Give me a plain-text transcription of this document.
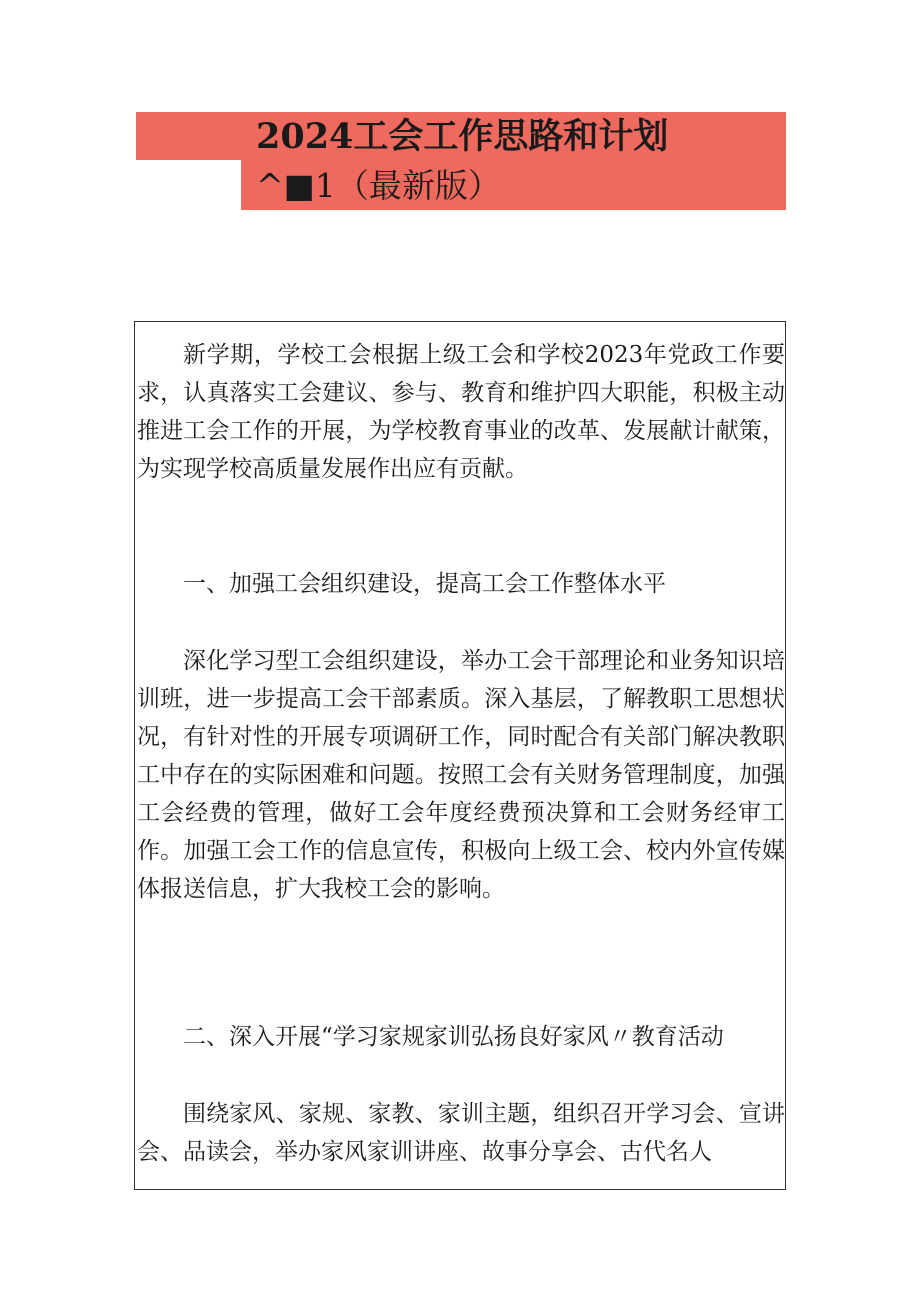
2024工会工作思路和计划
^■1（最新版）

新学期，学校工会根据上级工会和学校2023年党政工作要求，认真落实工会建议、参与、教育和维护四大职能，积极主动推进工会工作的开展，为学校教育事业的改革、发展献计献策，为实现学校高质量发展作出应有贡献。

一、加强工会组织建设，提高工会工作整体水平

深化学习型工会组织建设，举办工会干部理论和业务知识培训班，进一步提高工会干部素质。深入基层，了解教职工思想状况，有针对性的开展专项调研工作，同时配合有关部门解决教职工中存在的实际困难和问题。按照工会有关财务管理制度，加强工会经费的管理，做好工会年度经费预决算和工会财务经审工作。加强工会工作的信息宣传，积极向上级工会、校内外宣传媒体报送信息，扩大我校工会的影响。

二、深入开展“学习家规家训弘扬良好家风〃教育活动

围绕家风、家规、家教、家训主题，组织召开学习会、宣讲会、品读会，举办家风家训讲座、故事分享会、古代名人
